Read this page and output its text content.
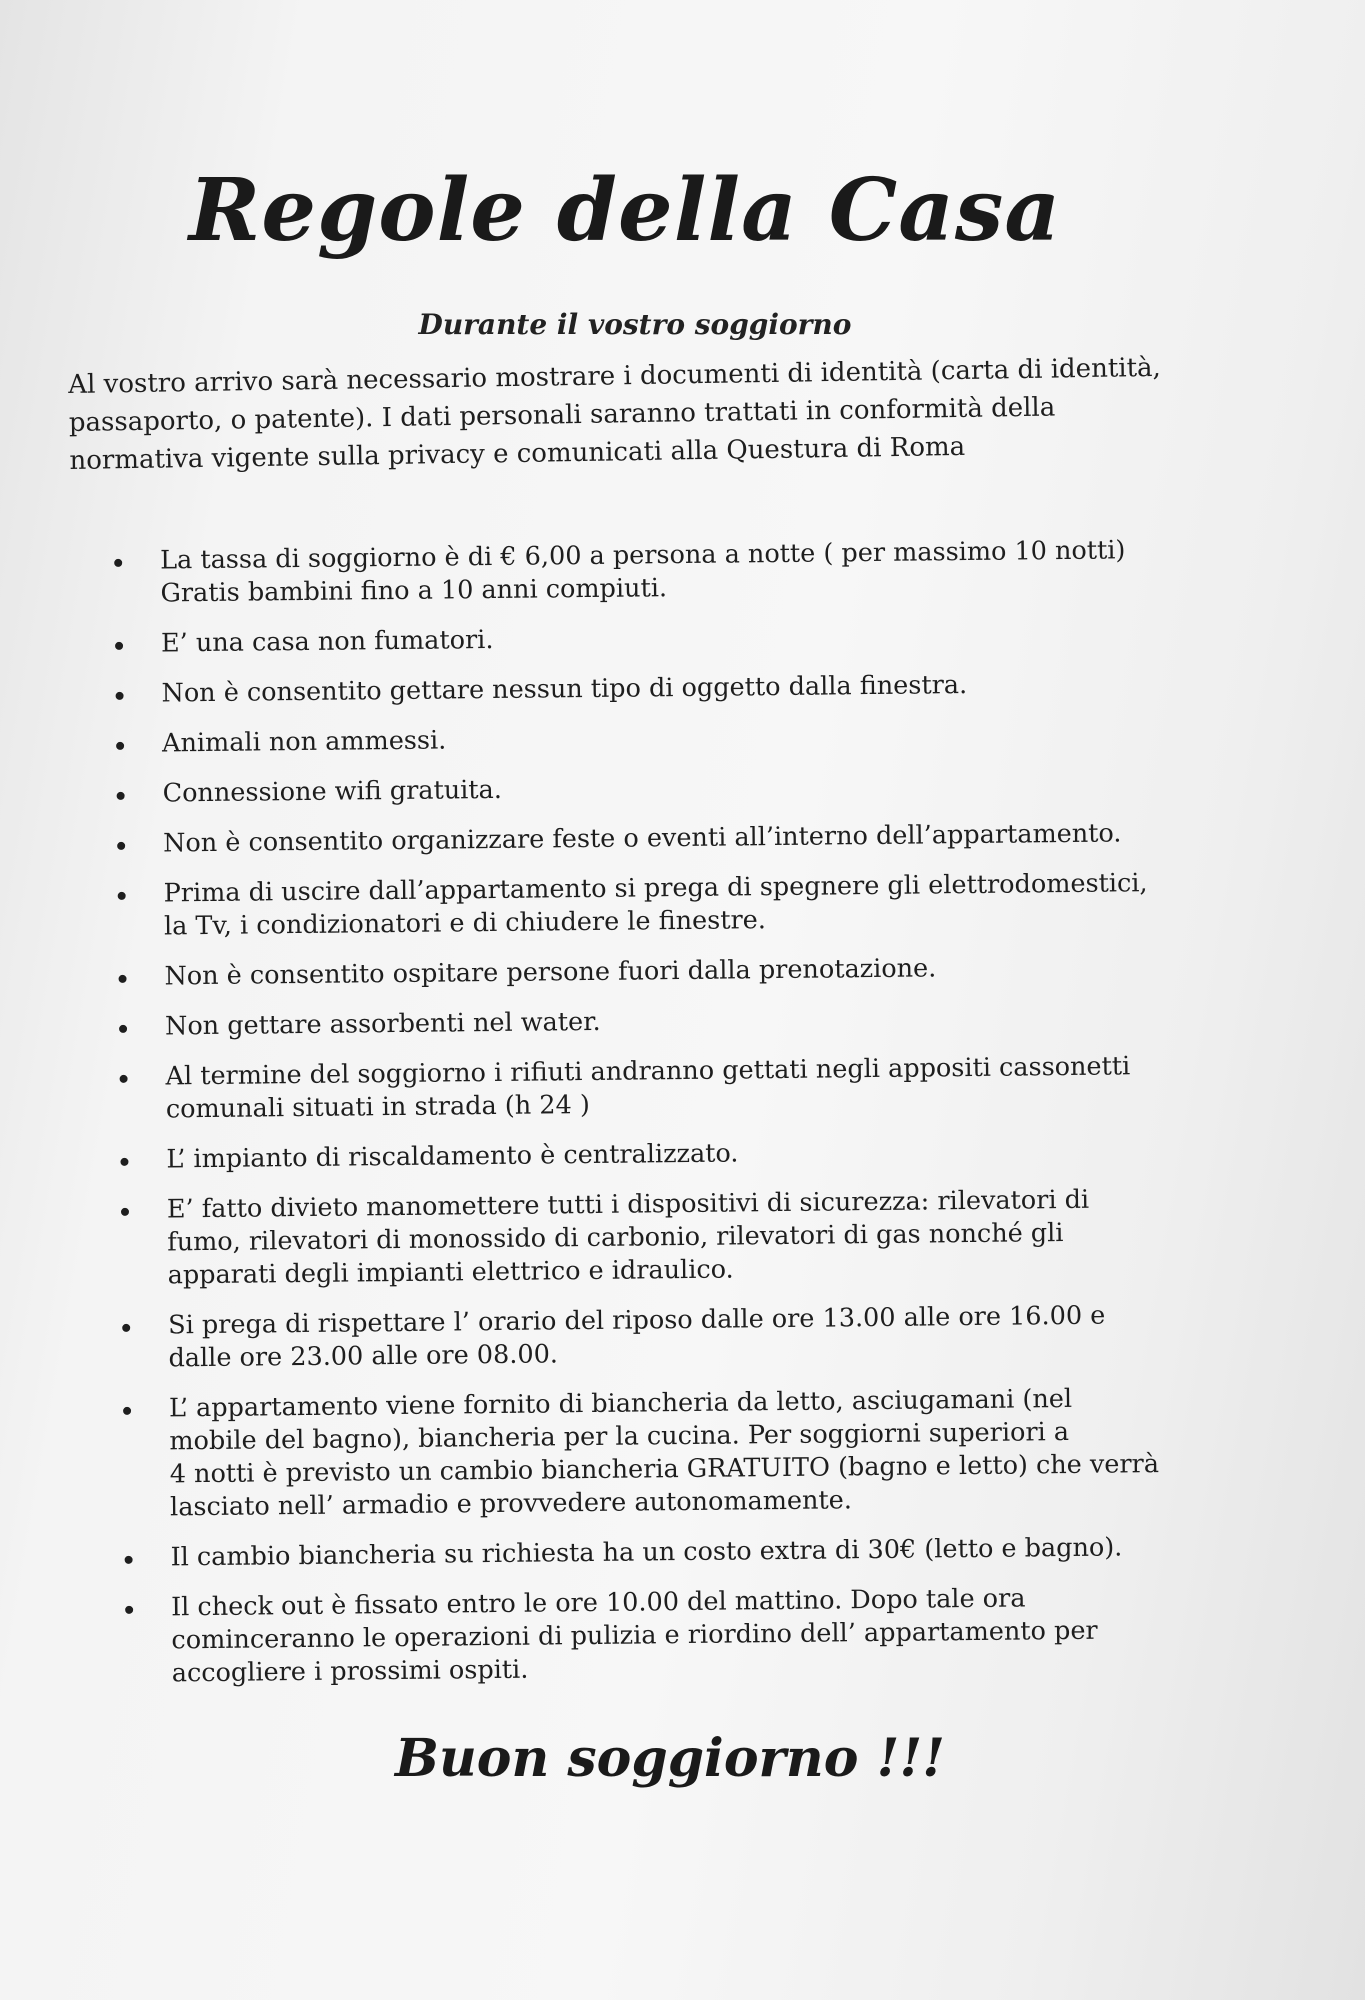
Regole della Casa
Durante il vostro soggiorno

Al vostro arrivo sarà necessario mostrare i documenti di identità (carta di identità, passaporto, o patente). I dati personali saranno trattati in conformità della normativa vigente sulla privacy e comunicati alla Questura di Roma

La tassa di soggiorno è di € 6,00 a persona a notte ( per massimo 10 notti)
Gratis bambini fino a 10 anni compiuti.
E’ una casa non fumatori.
Non è consentito gettare nessun tipo di oggetto dalla finestra.
Animali non ammessi.
Connessione wifi gratuita.
Non è consentito organizzare feste o eventi all’interno dell’appartamento.
Prima di uscire dall’appartamento si prega di spegnere gli elettrodomestici,
la Tv, i condizionatori e di chiudere le finestre.
Non è consentito ospitare persone fuori dalla prenotazione.
Non gettare assorbenti nel water.
Al termine del soggiorno i rifiuti andranno gettati negli appositi cassonetti
comunali situati in strada (h 24 )
L’ impianto di riscaldamento è centralizzato.
E’ fatto divieto manomettere tutti i dispositivi di sicurezza: rilevatori di
fumo, rilevatori di monossido di carbonio, rilevatori di gas nonché gli
apparati degli impianti elettrico e idraulico.
Si prega di rispettare l’ orario del riposo dalle ore 13.00 alle ore 16.00 e
dalle ore 23.00 alle ore 08.00.
L’ appartamento viene fornito di biancheria da letto, asciugamani (nel
mobile del bagno), biancheria per la cucina. Per soggiorni superiori a
4 notti è previsto un cambio biancheria GRATUITO (bagno e letto) che verrà
lasciato nell’ armadio e provvedere autonomamente.
Il cambio biancheria su richiesta ha un costo extra di 30€ (letto e bagno).
Il check out è fissato entro le ore 10.00 del mattino. Dopo tale ora
cominceranno le operazioni di pulizia e riordino dell’ appartamento per
accogliere i prossimi ospiti.
Buon soggiorno !!!
